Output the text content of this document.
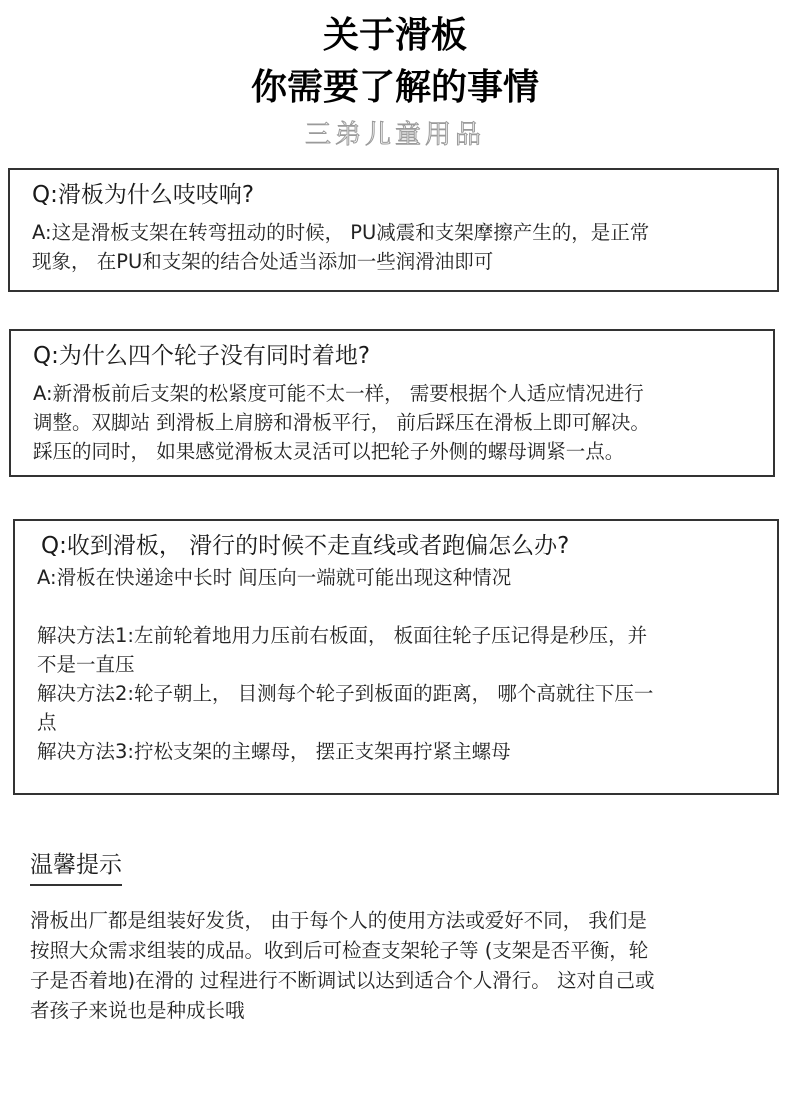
关于滑板
你需要了解的事情
三弟儿童用品
Q:滑板为什么吱吱响?
A:这是滑板支架在转弯扭动的时候， PU减震和支架摩擦产生的，是正常
现象， 在PU和支架的结合处适当添加一些润滑油即可
Q:为什么四个轮子没有同时着地?
A:新滑板前后支架的松紧度可能不太一样， 需要根据个人适应情况进行
调整。双脚站 到滑板上肩膀和滑板平行， 前后踩压在滑板上即可解决。
踩压的同时， 如果感觉滑板太灵活可以把轮子外侧的螺母调紧一点。
Q:收到滑板， 滑行的时候不走直线或者跑偏怎么办?
A:滑板在快递途中长时 间压向一端就可能出现这种情况

解决方法1:左前轮着地用力压前右板面， 板面往轮子压记得是秒压，并
不是一直压
解决方法2:轮子朝上， 目测每个轮子到板面的距离， 哪个高就往下压一
点
解决方法3:拧松支架的主螺母， 摆正支架再拧紧主螺母
温馨提示
滑板出厂都是组装好发货， 由于每个人的使用方法或爱好不同， 我们是
按照大众需求组装的成品。收到后可检查支架轮子等 (支架是否平衡，轮
子是否着地)在滑的 过程进行不断调试以达到适合个人滑行。 这对自己或
者孩子来说也是种成长哦
